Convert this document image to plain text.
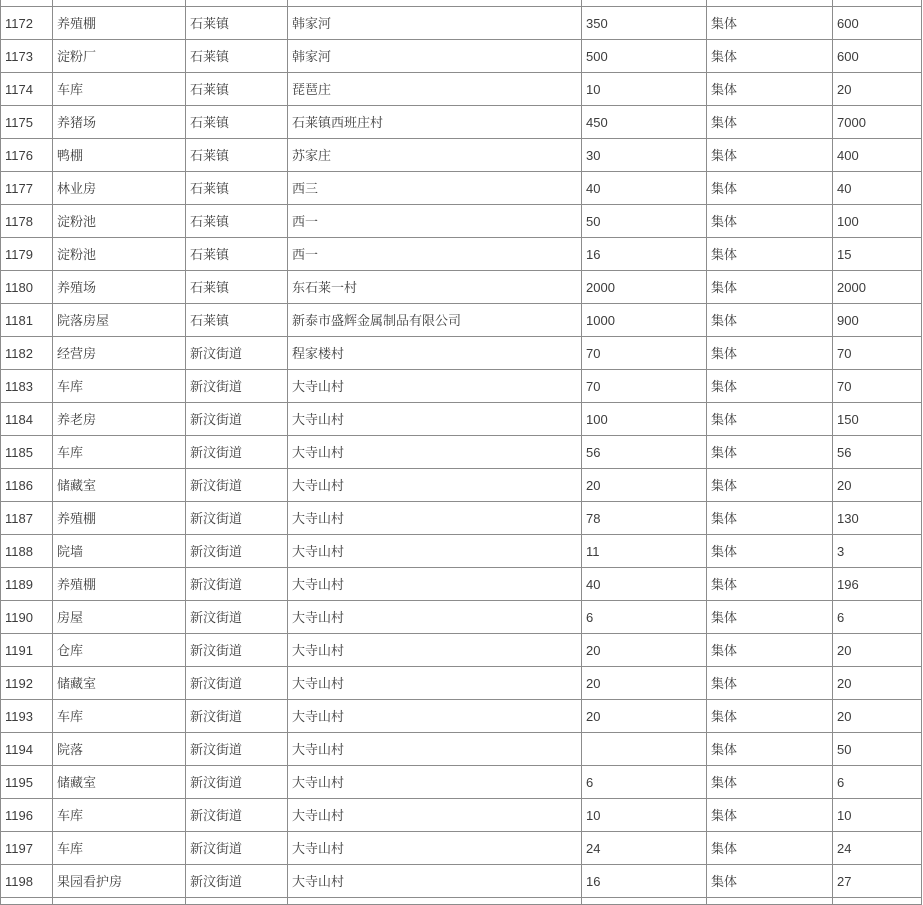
1172	养殖棚	石莱镇	韩家河	350	集体	600
1173	淀粉厂	石莱镇	韩家河	500	集体	600
1174	车库	石莱镇	琵琶庄	10	集体	20
1175	养猪场	石莱镇	石莱镇西班庄村	450	集体	7000
1176	鸭棚	石莱镇	苏家庄	30	集体	400
1177	林业房	石莱镇	西三	40	集体	40
1178	淀粉池	石莱镇	西一	50	集体	100
1179	淀粉池	石莱镇	西一	16	集体	15
1180	养殖场	石莱镇	东石莱一村	2000	集体	2000
1181	院落房屋	石莱镇	新泰市盛辉金属制品有限公司	1000	集体	900
1182	经营房	新汶街道	程家楼村	70	集体	70
1183	车库	新汶街道	大寺山村	70	集体	70
1184	养老房	新汶街道	大寺山村	100	集体	150
1185	车库	新汶街道	大寺山村	56	集体	56
1186	储藏室	新汶街道	大寺山村	20	集体	20
1187	养殖棚	新汶街道	大寺山村	78	集体	130
1188	院墙	新汶街道	大寺山村	11	集体	3
1189	养殖棚	新汶街道	大寺山村	40	集体	196
1190	房屋	新汶街道	大寺山村	6	集体	6
1191	仓库	新汶街道	大寺山村	20	集体	20
1192	储藏室	新汶街道	大寺山村	20	集体	20
1193	车库	新汶街道	大寺山村	20	集体	20
1194	院落	新汶街道	大寺山村		集体	50
1195	储藏室	新汶街道	大寺山村	6	集体	6
1196	车库	新汶街道	大寺山村	10	集体	10
1197	车库	新汶街道	大寺山村	24	集体	24
1198	果园看护房	新汶街道	大寺山村	16	集体	27
